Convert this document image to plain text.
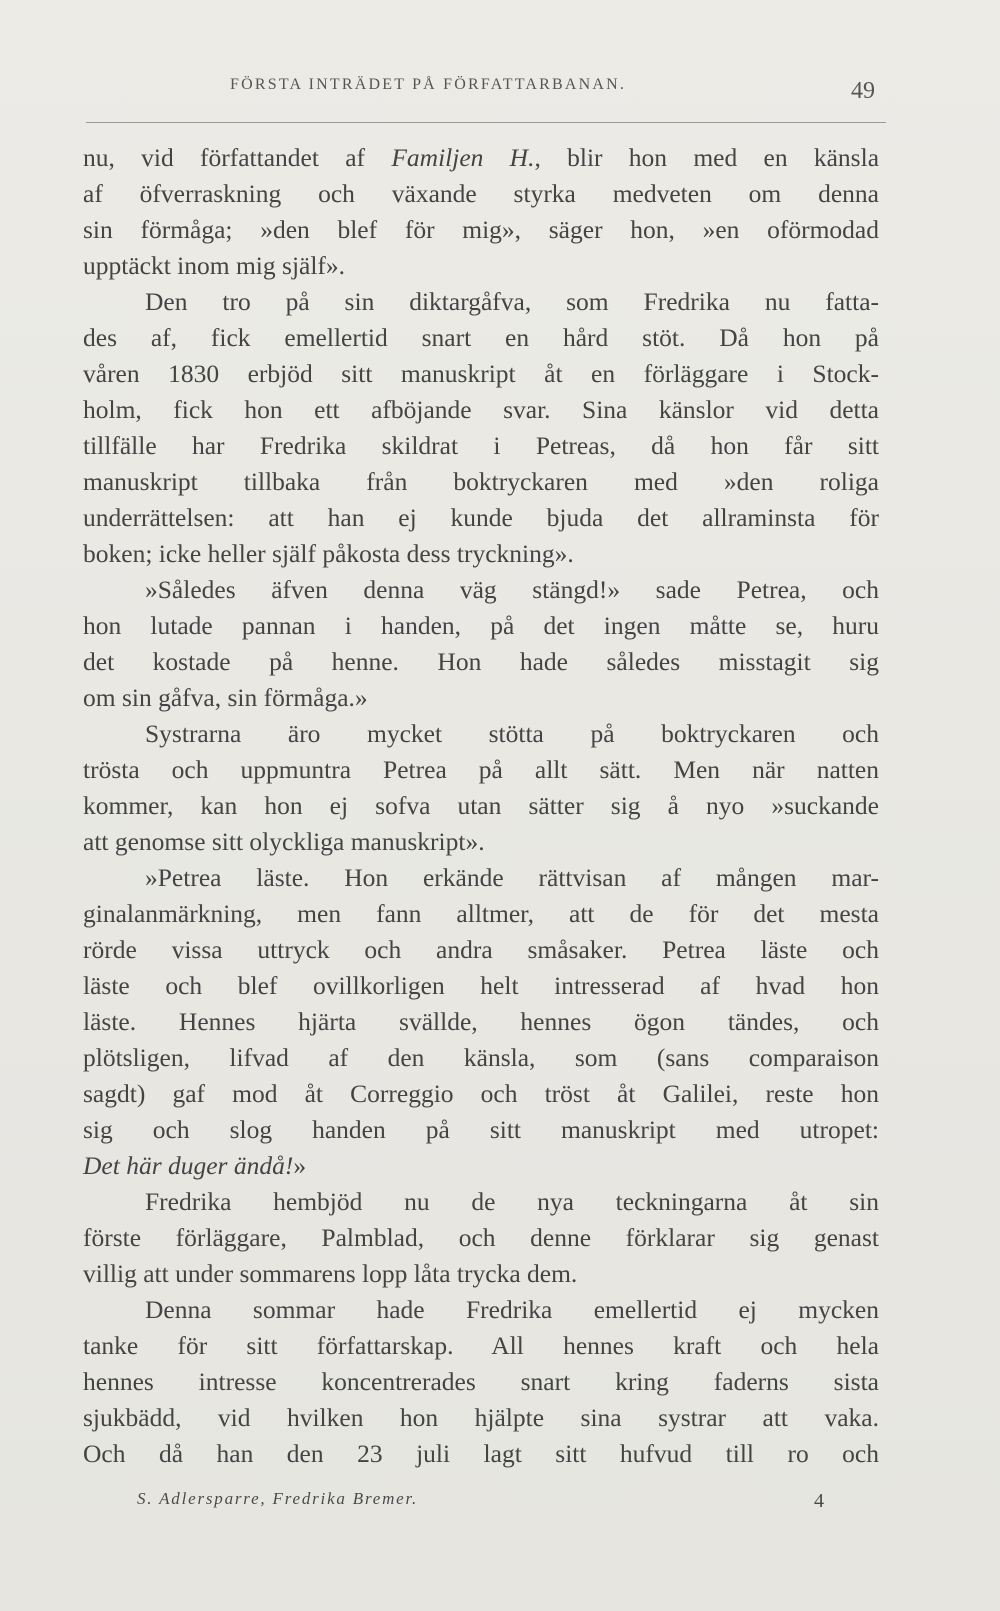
FÖRSTA INTRÄDET PÅ FÖRFATTARBANAN.	49
nu, vid författandet af Familjen H., blir hon med en känsla
af öfverraskning och växande styrka medveten om denna
sin förmåga; »den blef för mig», säger hon, »en oförmodad
upptäckt inom mig själf».
Den tro på sin diktargåfva, som Fredrika nu fatta-
des af, fick emellertid snart en hård stöt. Då hon på
våren 1830 erbjöd sitt manuskript åt en förläggare i Stock-
holm, fick hon ett afböjande svar. Sina känslor vid detta
tillfälle har Fredrika skildrat i Petreas, då hon får sitt
manuskript tillbaka från boktryckaren med »den roliga
underrättelsen: att han ej kunde bjuda det allraminsta för
boken; icke heller själf påkosta dess tryckning».
»Således äfven denna väg stängd!» sade Petrea, och
hon lutade pannan i handen, på det ingen måtte se, huru
det kostade på henne. Hon hade således misstagit sig
om sin gåfva, sin förmåga.»
Systrarna äro mycket stötta på boktryckaren och
trösta och uppmuntra Petrea på allt sätt. Men när natten
kommer, kan hon ej sofva utan sätter sig å nyo »suckande
att genomse sitt olyckliga manuskript».
»Petrea läste. Hon erkände rättvisan af mången mar-
ginalanmärkning, men fann alltmer, att de för det mesta
rörde vissa uttryck och andra småsaker. Petrea läste och
läste och blef ovillkorligen helt intresserad af hvad hon
läste. Hennes hjärta svällde, hennes ögon tändes, och
plötsligen, lifvad af den känsla, som (sans comparaison
sagdt) gaf mod åt Correggio och tröst åt Galilei, reste hon
sig och slog handen på sitt manuskript med utropet:
Det här duger ändå!»
Fredrika hembjöd nu de nya teckningarna åt sin
förste förläggare, Palmblad, och denne förklarar sig genast
villig att under sommarens lopp låta trycka dem.
Denna sommar hade Fredrika emellertid ej mycken
tanke för sitt författarskap. All hennes kraft och hela
hennes intresse koncentrerades snart kring faderns sista
sjukbädd, vid hvilken hon hjälpte sina systrar att vaka.
Och då han den 23 juli lagt sitt hufvud till ro och
S. Adlersparre, Fredrika Bremer.	4
